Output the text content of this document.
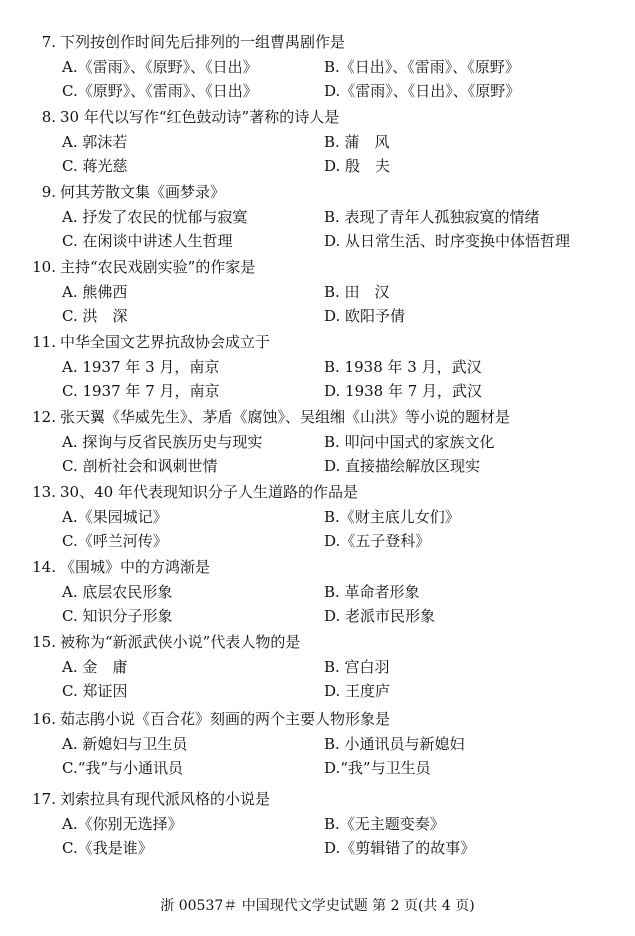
7. 下列按创作时间先后排列的一组曹禺剧作是
A.《雷雨》、《原野》、《日出》	B.《日出》、《雷雨》、《原野》
C.《原野》、《雷雨》、《日出》	D.《雷雨》、《日出》、《原野》
8. 30 年代以写作“红色鼓动诗”著称的诗人是
A. 郭沫若	B. 蒲　风
C. 蒋光慈	D. 殷　夫
9. 何其芳散文集《画梦录》
A. 抒发了农民的忧郁与寂寞	B. 表现了青年人孤独寂寞的情绪
C. 在闲谈中讲述人生哲理	D. 从日常生活、时序变换中体悟哲理
10. 主持“农民戏剧实验”的作家是
A. 熊佛西	B. 田　汉
C. 洪　深	D. 欧阳予倩
11. 中华全国文艺界抗敌协会成立于
A. 1937 年 3 月，南京	B. 1938 年 3 月，武汉
C. 1937 年 7 月，南京	D. 1938 年 7 月，武汉
12. 张天翼《华威先生》、茅盾《腐蚀》、吴组缃《山洪》等小说的题材是
A. 探询与反省民族历史与现实	B. 叩问中国式的家族文化
C. 剖析社会和讽刺世情	D. 直接描绘解放区现实
13. 30、40 年代表现知识分子人生道路的作品是
A.《果园城记》	B.《财主底儿女们》
C.《呼兰河传》	D.《五子登科》
14. 《围城》中的方鸿渐是
A. 底层农民形象	B. 革命者形象
C. 知识分子形象	D. 老派市民形象
15. 被称为“新派武侠小说”代表人物的是
A. 金　庸	B. 宫白羽
C. 郑证因	D. 王度庐
16. 茹志鹃小说《百合花》刻画的两个主要人物形象是
A. 新媳妇与卫生员	B. 小通讯员与新媳妇
C.“我”与小通讯员	D.“我”与卫生员
17. 刘索拉具有现代派风格的小说是
A.《你别无选择》	B.《无主题变奏》
C.《我是谁》	D.《剪辑错了的故事》
浙 00537＃ 中国现代文学史试题 第 2 页(共 4 页)
